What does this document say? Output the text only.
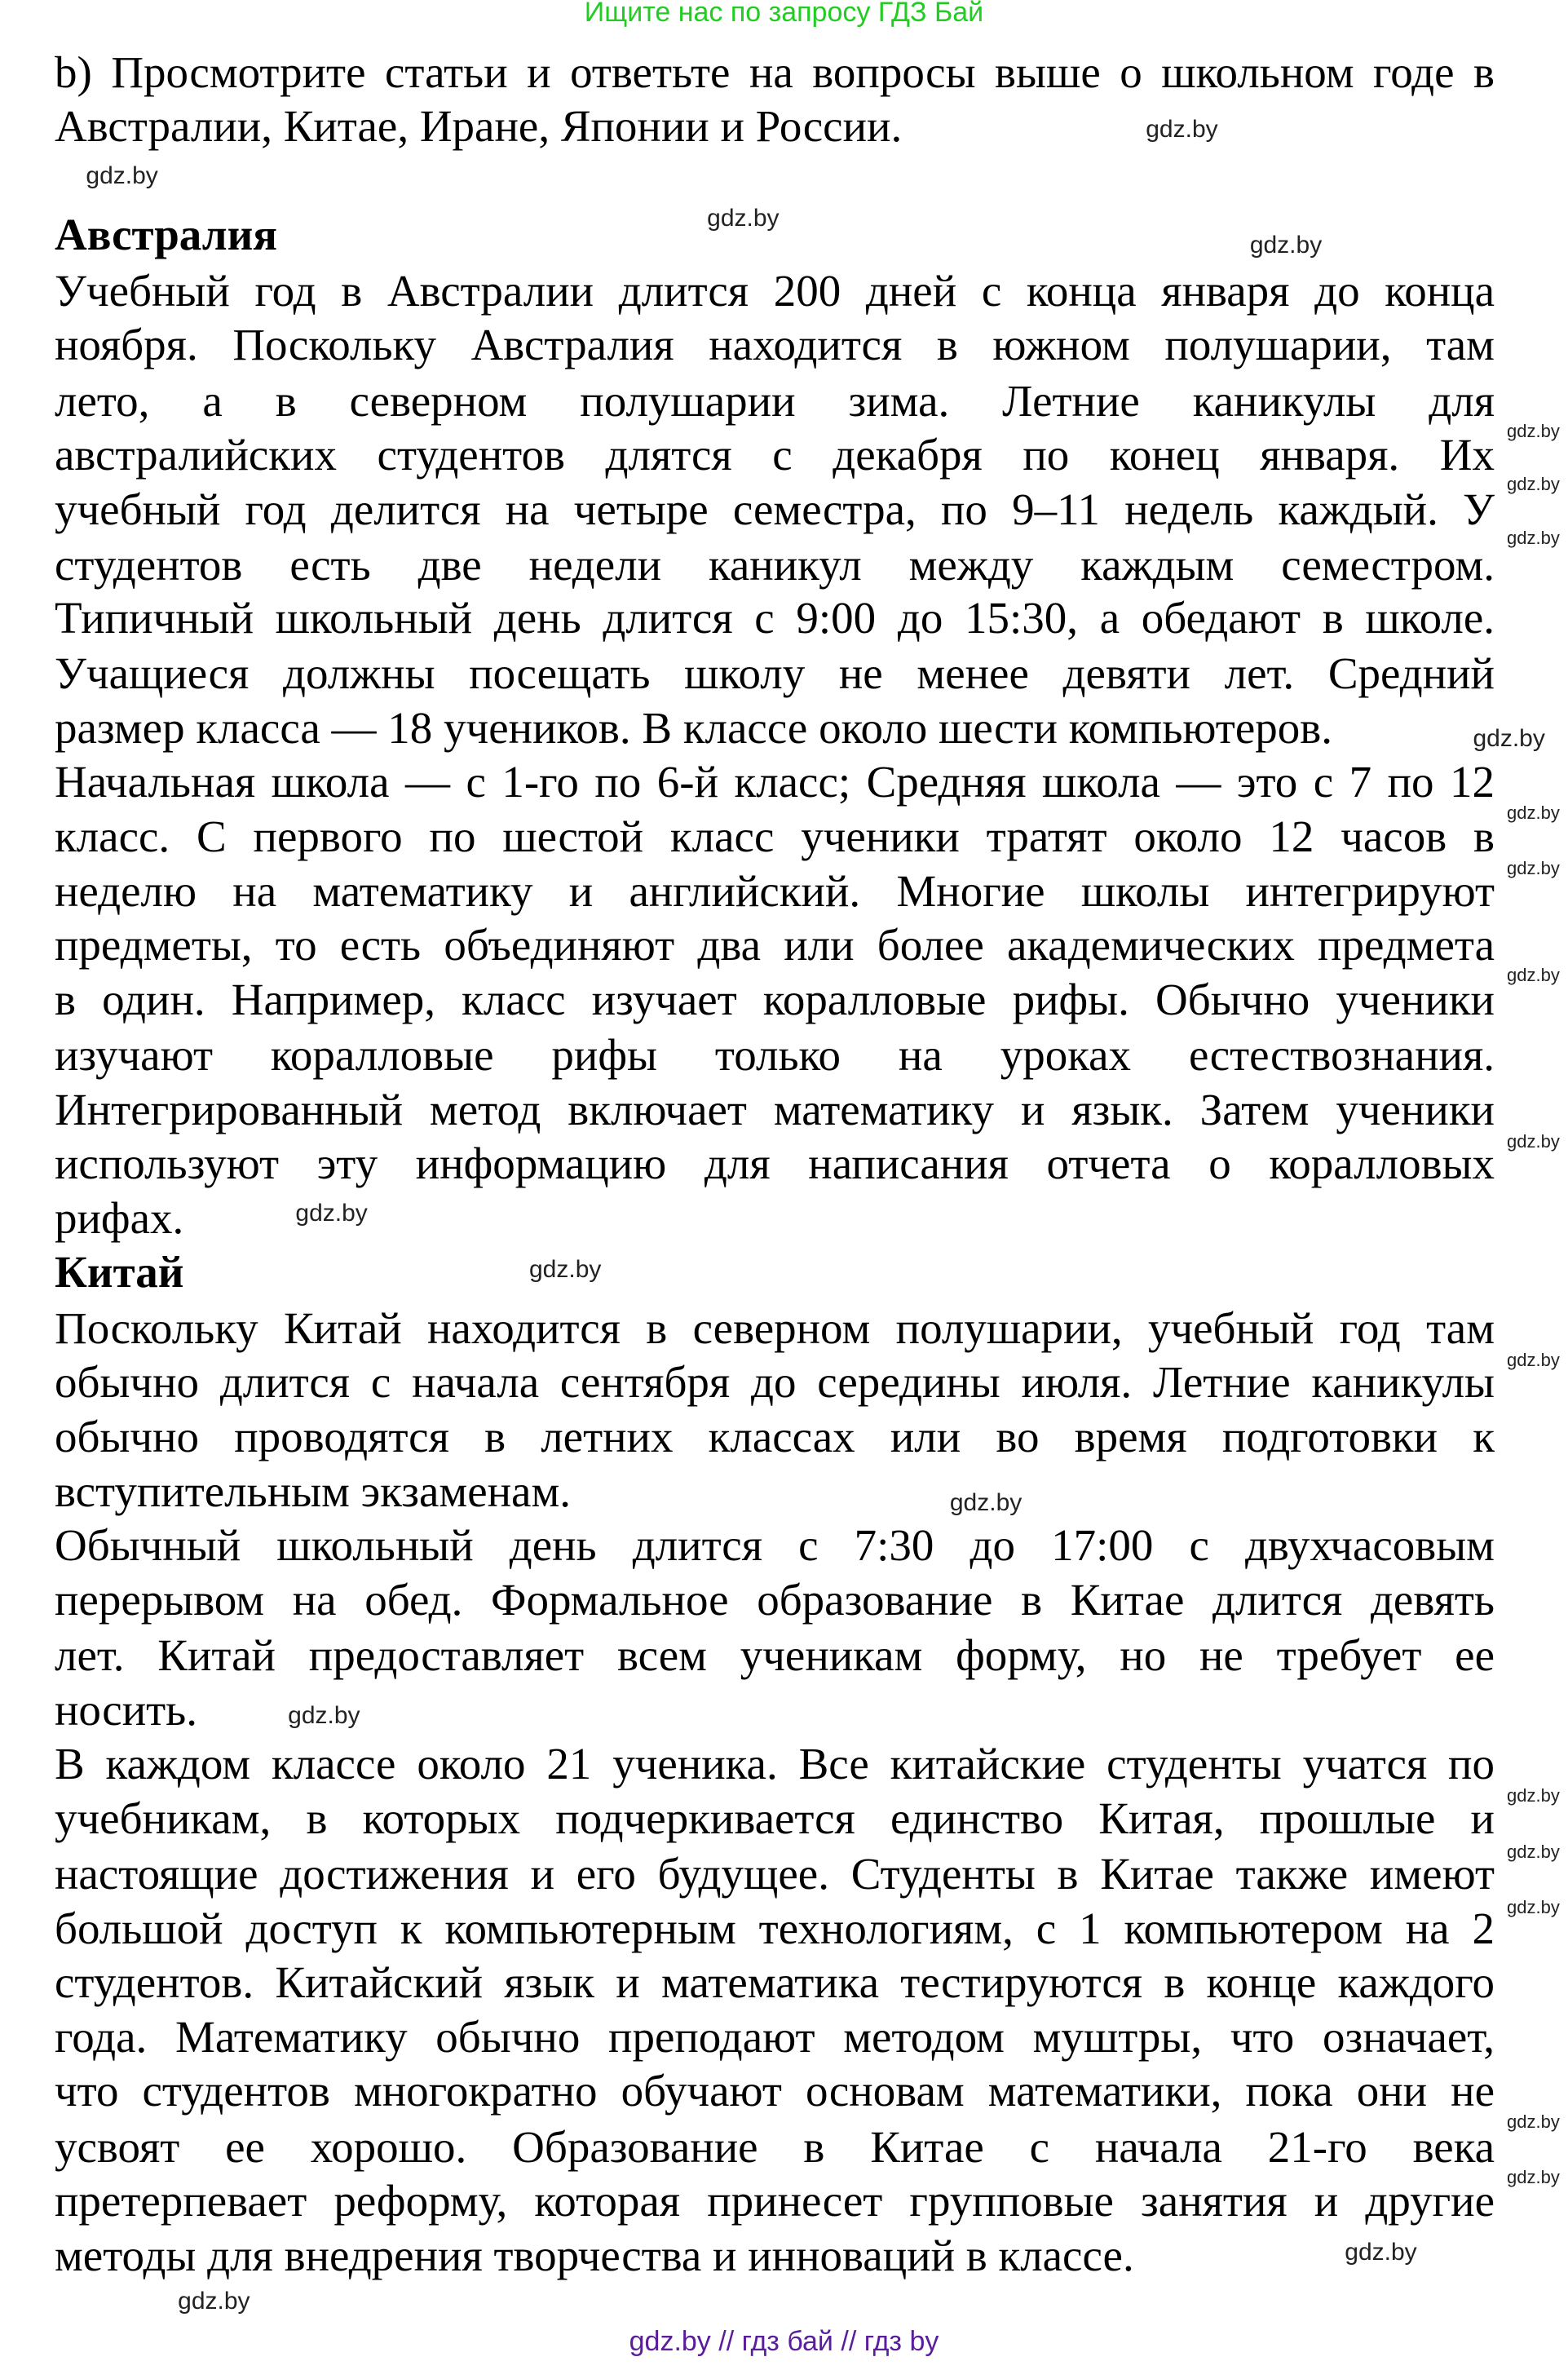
Ищите нас по запросу ГДЗ Бай
b) Просмотрите статьи и ответьте на вопросы выше о школьном годе в
Австралии, Китае, Иране, Японии и России.
Австралия
Учебный год в Австралии длится 200 дней с конца января до конца
ноября. Поскольку Австралия находится в южном полушарии, там
лето, а в северном полушарии зима. Летние каникулы для
австралийских студентов длятся с декабря по конец января. Их
учебный год делится на четыре семестра, по 9–11 недель каждый. У
студентов есть две недели каникул между каждым семестром.
Типичный школьный день длится с 9:00 до 15:30, а обедают в школе.
Учащиеся должны посещать школу не менее девяти лет. Средний
размер класса — 18 учеников. В классе около шести компьютеров.
Начальная школа — с 1-го по 6-й класс; Средняя школа — это с 7 по 12
класс. С первого по шестой класс ученики тратят около 12 часов в
неделю на математику и английский. Многие школы интегрируют
предметы, то есть объединяют два или более академических предмета
в один. Например, класс изучает коралловые рифы. Обычно ученики
изучают коралловые рифы только на уроках естествознания.
Интегрированный метод включает математику и язык. Затем ученики
используют эту информацию для написания отчета о коралловых
рифах.
Китай
Поскольку Китай находится в северном полушарии, учебный год там
обычно длится с начала сентября до середины июля. Летние каникулы
обычно проводятся в летних классах или во время подготовки к
вступительным экзаменам.
Обычный школьный день длится с 7:30 до 17:00 с двухчасовым
перерывом на обед. Формальное образование в Китае длится девять
лет. Китай предоставляет всем ученикам форму, но не требует ее
носить.
В каждом классе около 21 ученика. Все китайские студенты учатся по
учебникам, в которых подчеркивается единство Китая, прошлые и
настоящие достижения и его будущее. Студенты в Китае также имеют
большой доступ к компьютерным технологиям, с 1 компьютером на 2
студентов. Китайский язык и математика тестируются в конце каждого
года. Математику обычно преподают методом муштры, что означает,
что студентов многократно обучают основам математики, пока они не
усвоят ее хорошо. Образование в Китае с начала 21-го века
претерпевает реформу, которая принесет групповые занятия и другие
методы для внедрения творчества и инноваций в классе.
gdz.by
gdz.by
gdz.by
gdz.by
gdz.by
gdz.by
gdz.by
gdz.by
gdz.by
gdz.by
gdz.by
gdz.by
gdz.by
gdz.by
gdz.by
gdz.by
gdz.by
gdz.by
gdz.by
gdz.by
gdz.by
gdz.by
gdz.by
gdz.by
gdz.by // гдз бай // гдз by
